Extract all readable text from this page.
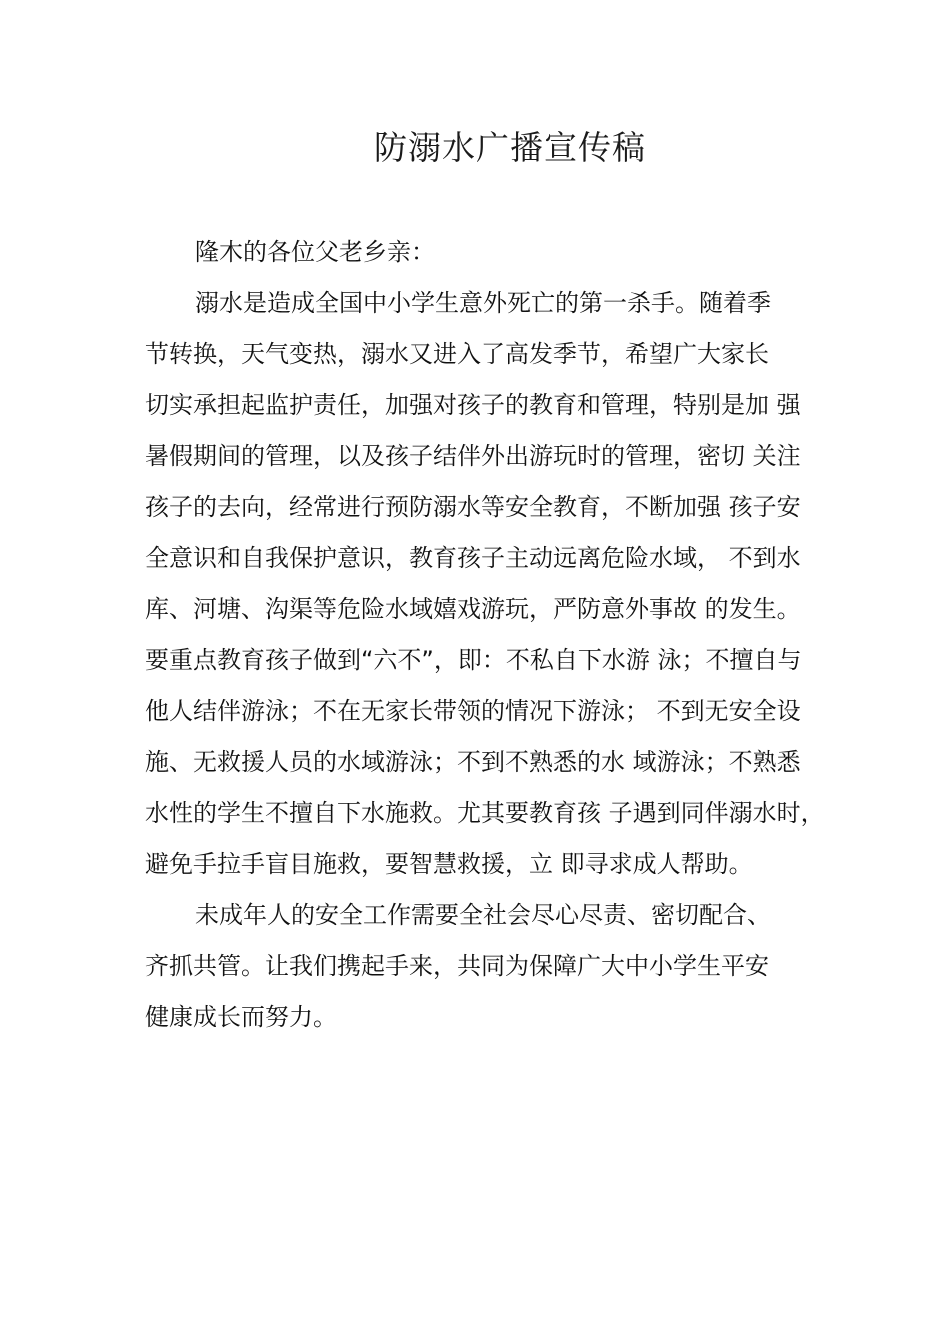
防溺水广播宣传稿
隆木的各位父老乡亲：
溺水是造成全国中小学生意外死亡的第一杀手。随着季
节转换，天气变热，溺水又进入了高发季节，希望广大家长
切实承担起监护责任，加强对孩子的教育和管理，特别是加 强
暑假期间的管理，以及孩子结伴外出游玩时的管理，密切 关注
孩子的去向，经常进行预防溺水等安全教育，不断加强 孩子安
全意识和自我保护意识，教育孩子主动远离危险水域， 不到水
库、河塘、沟渠等危险水域嬉戏游玩，严防意外事故 的发生。
要重点教育孩子做到“六不”，即：不私自下水游 泳；不擅自与
他人结伴游泳；不在无家长带领的情况下游泳； 不到无安全设
施、无救援人员的水域游泳；不到不熟悉的水 域游泳；不熟悉
水性的学生不擅自下水施救。尤其要教育孩 子遇到同伴溺水时，
避免手拉手盲目施救，要智慧救援，立 即寻求成人帮助。
未成年人的安全工作需要全社会尽心尽责、密切配合、
齐抓共管。让我们携起手来，共同为保障广大中小学生平安
健康成长而努力。
